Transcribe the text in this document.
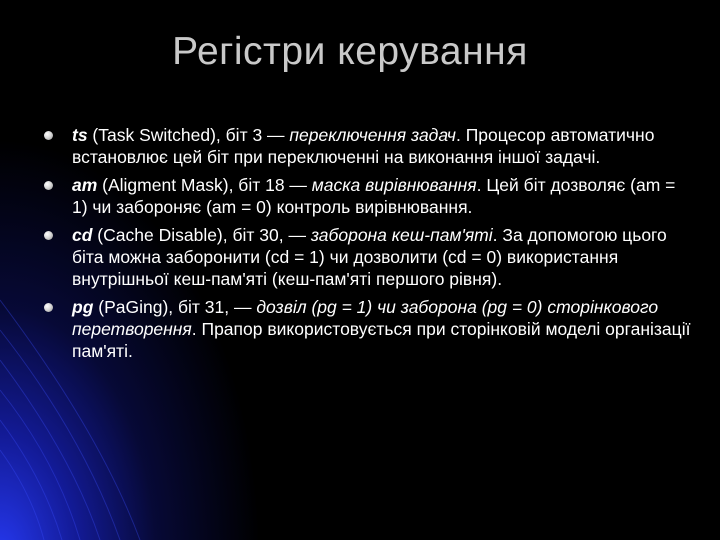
Регістри керування
ts (Task Switched), біт 3 — переключення задач. Процесор автоматично встановлює цей біт при переключенні на виконання іншої задачі.
am (Aligment Mask), біт 18 — маска вирівнювання. Цей біт дозволяє (am = 1) чи забороняє (am = 0) контроль вирівнювання.
cd (Cache Disable), біт 30, — заборона кеш-пам'яті. За допомогою цього біта можна заборонити (cd = 1) чи дозволити (cd = 0) використання внутрішньої кеш-пам'яті (кеш-пам'яті першого рівня).
pg (PaGing), біт 31, — дозвіл (pg = 1) чи заборона (pg = 0) сторінкового перетворення. Прапор використовується при сторінковій моделі організації пам'яті.
